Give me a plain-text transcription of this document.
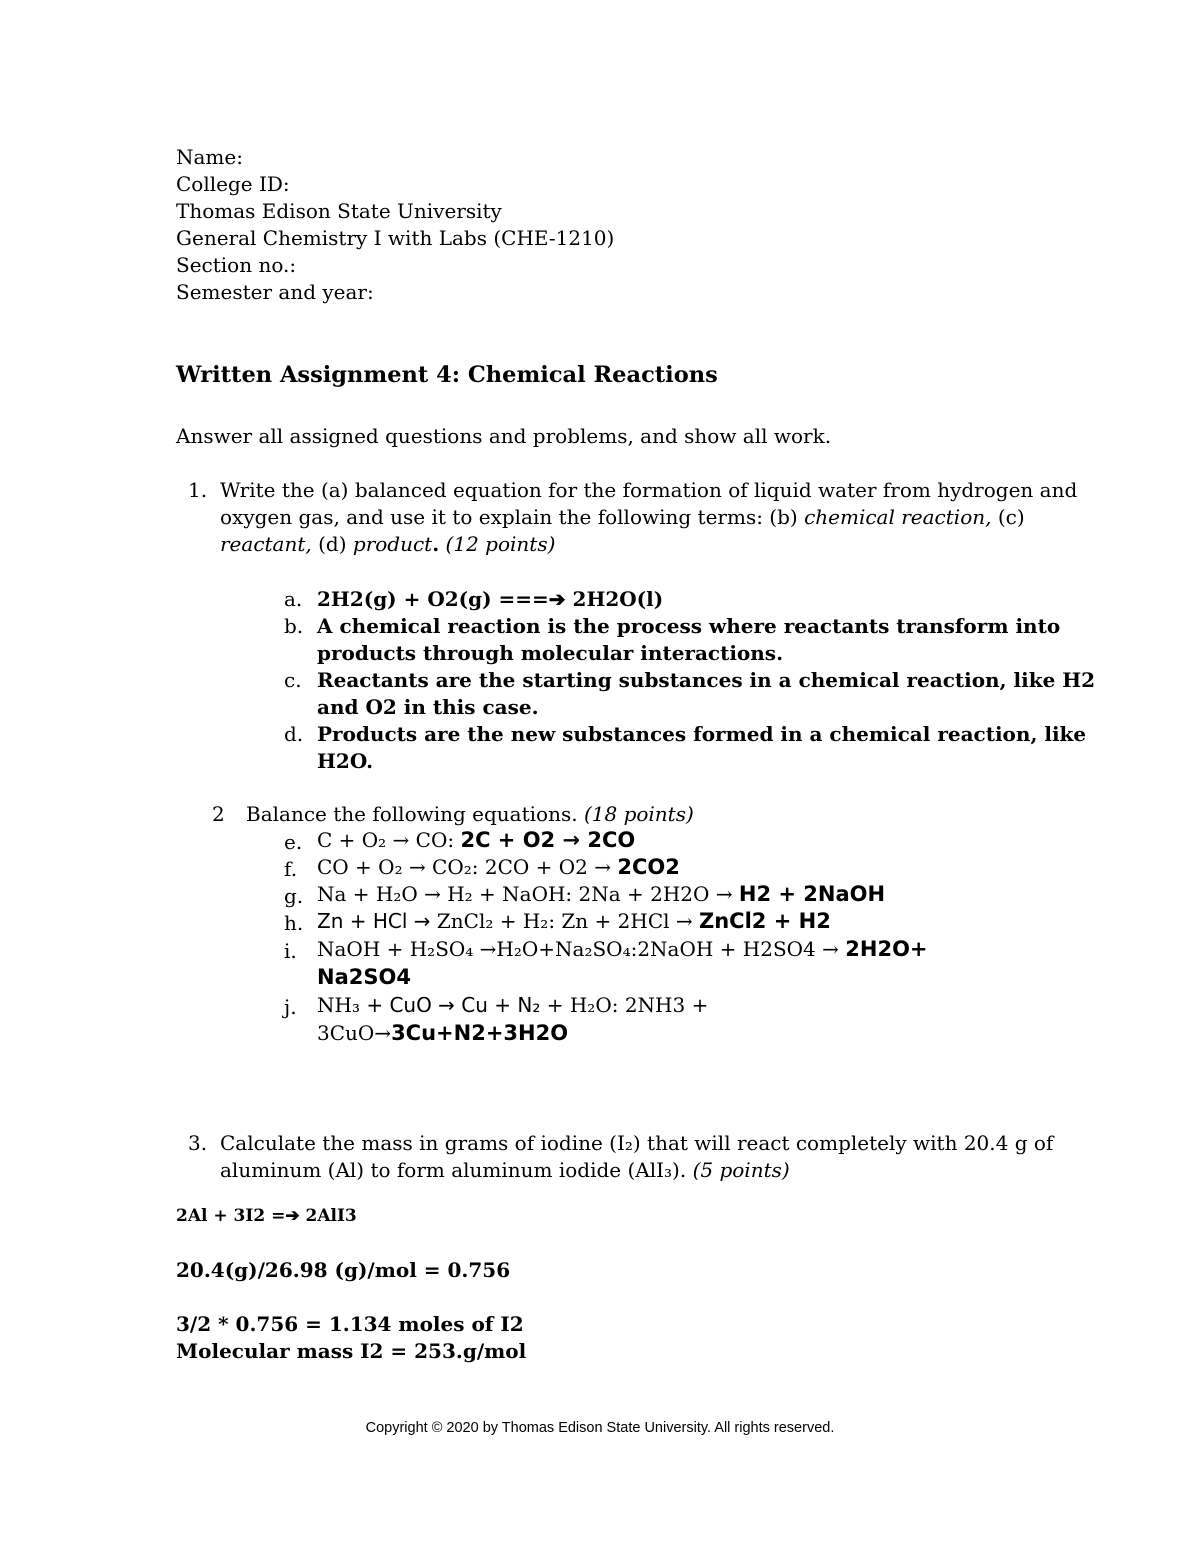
Name:
College ID:
Thomas Edison State University
General Chemistry I with Labs (CHE-1210)
Section no.:
Semester and year:
Written Assignment 4: Chemical Reactions
Answer all assigned questions and problems, and show all work.
1. Write the (a) balanced equation for the formation of liquid water from hydrogen and
oxygen gas, and use it to explain the following terms: (b) chemical reaction, (c)
reactant, (d) product. (12 points)
a. 2H2(g) + O2(g) ===➔ 2H2O(l)
b. A chemical reaction is the process where reactants transform into
products through molecular interactions.
c. Reactants are the starting substances in a chemical reaction, like H2
and O2 in this case.
d. Products are the new substances formed in a chemical reaction, like
H2O.
2 Balance the following equations. (18 points)
e. C + O₂ → CO: 2C + O2 → 2CO
f. CO + O₂ → CO₂: 2CO + O2 → 2CO2
g. Na + H₂O → H₂ + NaOH: 2Na + 2H2O → H2 + 2NaOH
h. Zn + HCl → ZnCl₂ + H₂: Zn + 2HCl → ZnCl2 + H2
i. NaOH + H₂SO₄ →H₂O+Na₂SO₄:2NaOH + H2SO4 → 2H2O+
Na2SO4
j. NH₃ + CuO → Cu + N₂ + H₂O: 2NH3 +
3CuO→3Cu+N2+3H2O
3. Calculate the mass in grams of iodine (I₂) that will react completely with 20.4 g of
aluminum (Al) to form aluminum iodide (AlI₃). (5 points)
2Al + 3I2 =➔ 2AlI3
20.4(g)/26.98 (g)/mol = 0.756
3/2 * 0.756 = 1.134 moles of I2
Molecular mass I2 = 253.g/mol
Copyright © 2020 by Thomas Edison State University. All rights reserved.
